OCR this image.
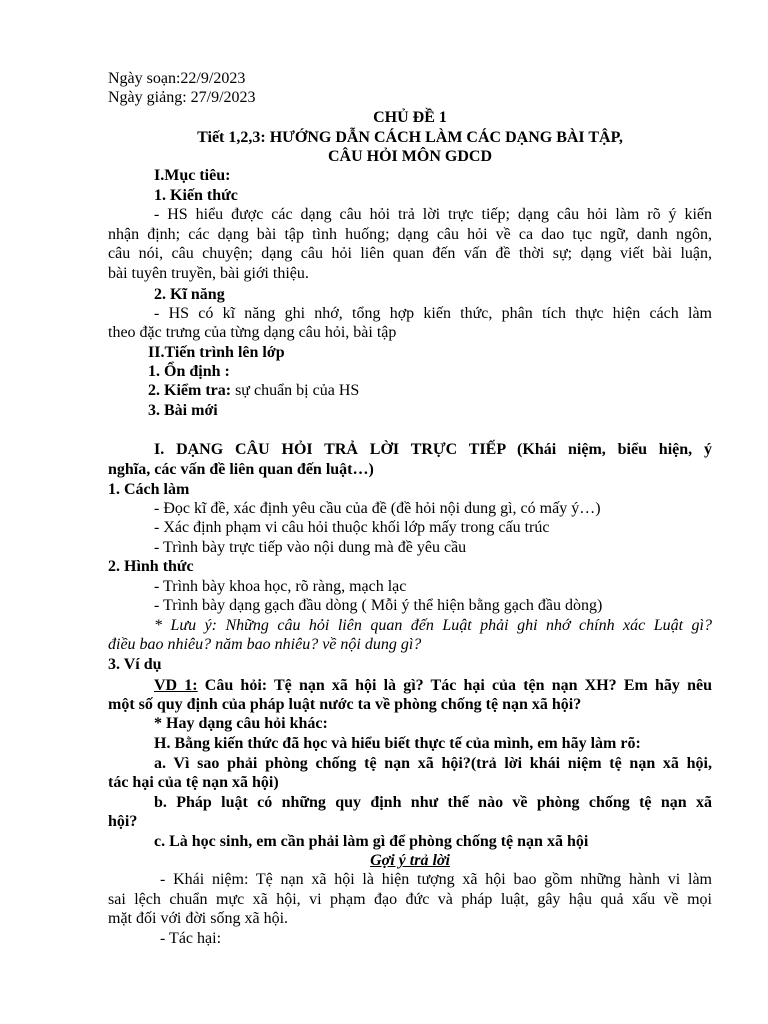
Ngày soạn:22/9/2023
Ngày giảng: 27/9/2023
CHỦ ĐỀ 1
Tiết 1,2,3: HƯỚNG DẪN CÁCH LÀM CÁC DẠNG BÀI TẬP,
CÂU HỎI MÔN GDCD
I.Mục tiêu:
1. Kiến thức
- HS hiểu được các dạng câu hỏi trả lời trực tiếp; dạng câu hỏi làm rõ ý kiến
nhận định; các dạng bài tập tình huống; dạng câu hỏi về ca dao tục ngữ, danh ngôn,
câu nói, câu chuyện; dạng câu hỏi liên quan đến vấn đề thời sự; dạng viết bài luận,
bài tuyên truyền, bài giới thiệu.
2. Kĩ năng
- HS có kĩ năng ghi nhớ, tổng hợp kiến thức, phân tích thực hiện cách làm
theo đặc trưng của từng dạng câu hỏi, bài tập
II.Tiến trình lên lớp
1. Ổn định :
2. Kiểm tra: sự chuẩn bị của HS
3. Bài mới
I. DẠNG CÂU HỎI TRẢ LỜI TRỰC TIẾP (Khái niệm, biểu hiện, ý
nghĩa, các vấn đề liên quan đến luật…)
1. Cách làm
- Đọc kĩ đề, xác định yêu cầu của đề (đề hỏi nội dung gì, có mấy ý…)
- Xác định phạm vi câu hỏi thuộc khối lớp mấy trong cấu trúc
- Trình bày trực tiếp vào nội dung mà đề yêu cầu
2. Hình thức
- Trình bày khoa học, rõ ràng, mạch lạc
- Trình bày dạng gạch đầu dòng ( Mỗi ý thể hiện bằng gạch đầu dòng)
* Lưu ý: Những câu hỏi liên quan đến Luật phải ghi nhớ chính xác Luật gì?
điều bao nhiêu? năm bao nhiêu? về nội dung gì?
3. Ví dụ
VD 1: Câu hỏi: Tệ nạn xã hội là gì? Tác hại của tện nạn XH? Em hãy nêu
một số quy định của pháp luật nước ta về phòng chống tệ nạn xã hội?
* Hay dạng câu hỏi khác:
H. Bằng kiến thức đã học và hiểu biết thực tế của mình, em hãy làm rõ:
a. Vì sao phải phòng chống tệ nạn xã hội?(trả lời khái niệm tệ nạn xã hội,
tác hại của tệ nạn xã hội)
b. Pháp luật có những quy định như thế nào về phòng chống tệ nạn xã
hội?
c. Là học sinh, em cần phải làm gì để phòng chống tệ nạn xã hội
Gợi ý trả lời
- Khái niệm: Tệ nạn xã hội là hiện tượng xã hội bao gồm những hành vi làm
sai lệch chuẩn mực xã hội, vi phạm đạo đức và pháp luật, gây hậu quả xấu về mọi
mặt đối với đời sống xã hội.
- Tác hại:
